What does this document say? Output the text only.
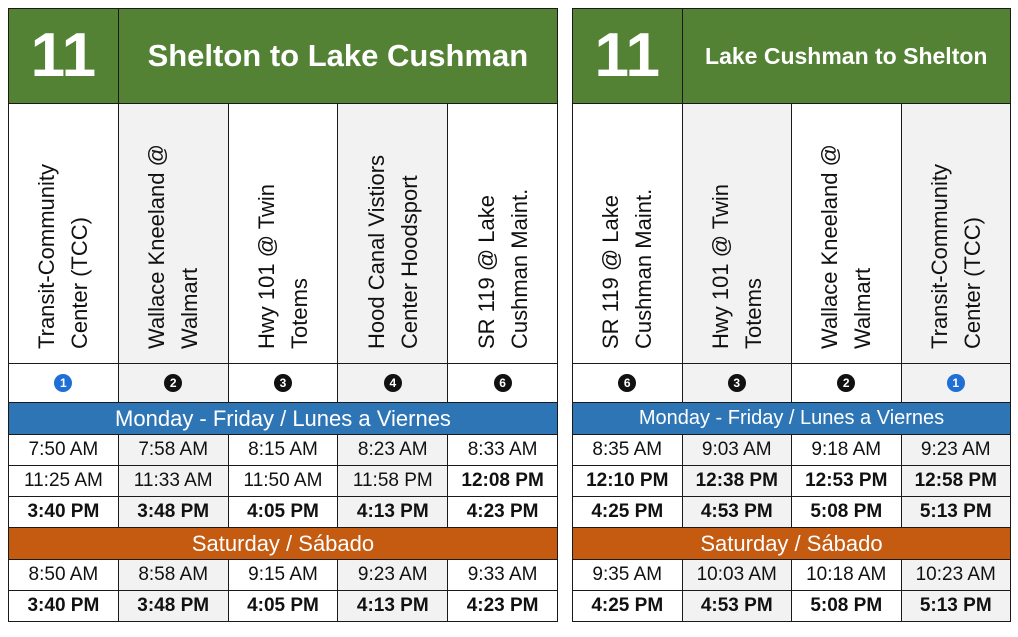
11	Shelton to Lake Cushman			

Transit-Community Center (TCC)	Wallace Kneeland @ Walmart	Hwy 101 @ Twin Totems	Hood Canal Vistiors Center Hoodsport	SR 119 @ Lake Cushman Maint.

1	2	3	4	6
Monday - Friday / Lunes a Viernes				
7:50 AM	7:58 AM	8:15 AM	8:23 AM	8:33 AM
11:25 AM	11:33 AM	11:50 AM	11:58 PM	12:08 PM
3:40 PM	3:48 PM	4:05 PM	4:13 PM	4:23 PM
Saturday / Sábado				
8:50 AM	8:58 AM	9:15 AM	9:23 AM	9:33 AM
3:40 PM	3:48 PM	4:05 PM	4:13 PM	4:23 PM
11	Lake Cushman to Shelton		

SR 119 @ Lake Cushman Maint.	Hwy 101 @ Twin Totems	Wallace Kneeland @ Walmart	Transit-Community Center (TCC)

6	3	2	1
Monday - Friday / Lunes a Viernes			
8:35 AM	9:03 AM	9:18 AM	9:23 AM
12:10 PM	12:38 PM	12:53 PM	12:58 PM
4:25 PM	4:53 PM	5:08 PM	5:13 PM
Saturday / Sábado			
9:35 AM	10:03 AM	10:18 AM	10:23 AM
4:25 PM	4:53 PM	5:08 PM	5:13 PM
